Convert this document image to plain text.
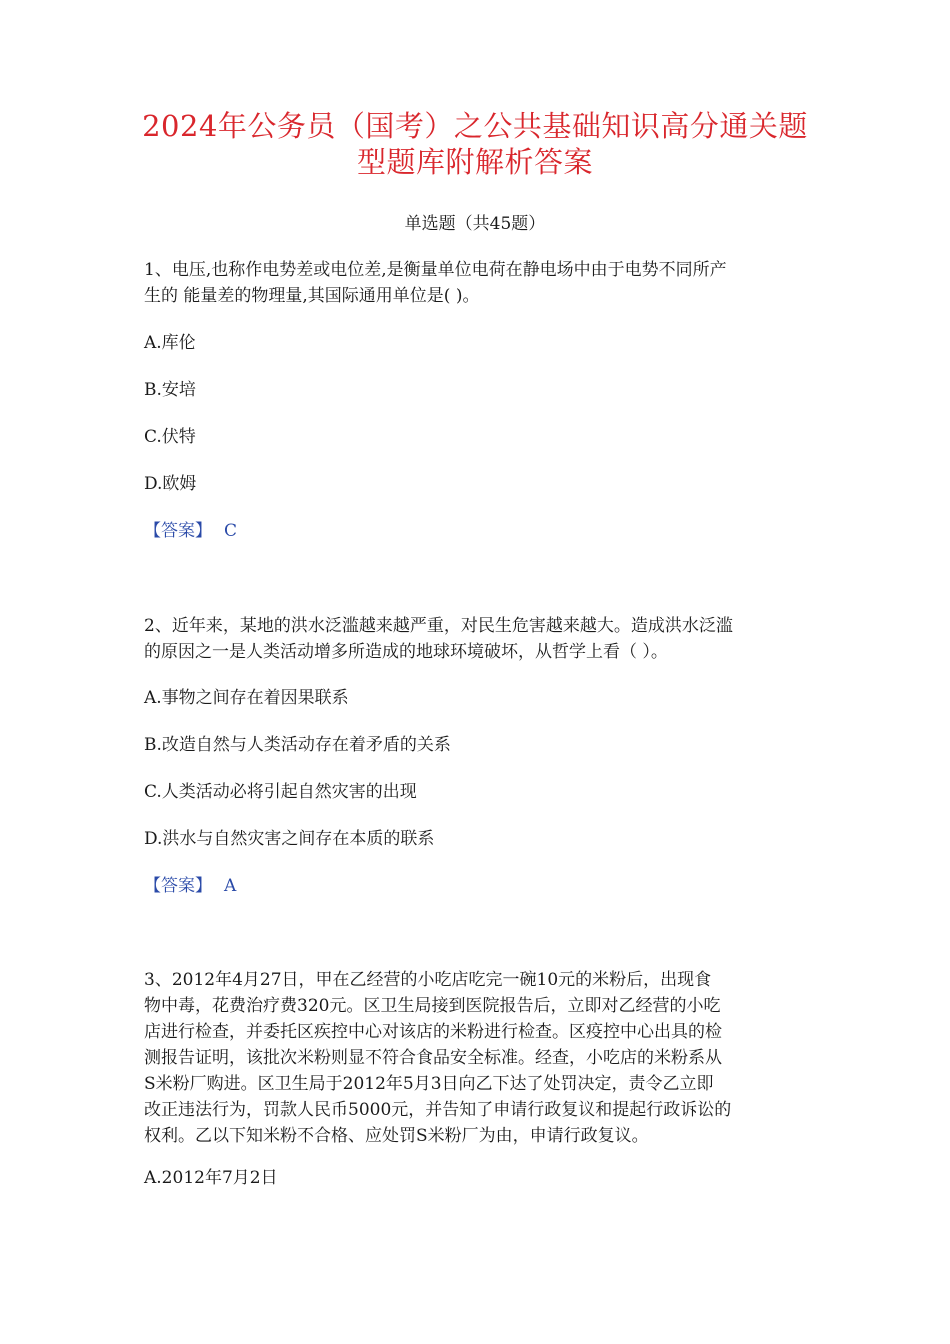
2024年公务员（国考）之公共基础知识高分通关题
型题库附解析答案
单选题（共45题）
1、电压,也称作电势差或电位差,是衡量单位电荷在静电场中由于电势不同所产
生的 能量差的物理量,其国际通用单位是( )。
A.库伦
B.安培
C.伏特
D.欧姆
【答案】 C
2、近年来，某地的洪水泛滥越来越严重，对民生危害越来越大。造成洪水泛滥
的原因之一是人类活动增多所造成的地球环境破坏，从哲学上看（ ）。
A.事物之间存在着因果联系
B.改造自然与人类活动存在着矛盾的关系
C.人类活动必将引起自然灾害的出现
D.洪水与自然灾害之间存在本质的联系
【答案】 A
3、2012年4月27日，甲在乙经营的小吃店吃完一碗10元的米粉后，出现食
物中毒，花费治疗费320元。区卫生局接到医院报告后，立即对乙经营的小吃
店进行检查，并委托区疾控中心对该店的米粉进行检查。区疫控中心出具的检
测报告证明，该批次米粉则显不符合食品安全标准。经查，小吃店的米粉系从
S米粉厂购进。区卫生局于2012年5月3日向乙下达了处罚决定，责令乙立即
改正违法行为，罚款人民币5000元，并告知了申请行政复议和提起行政诉讼的
权利。乙以下知米粉不合格、应处罚S米粉厂为由，申请行政复议。
A.2012年7月2日
